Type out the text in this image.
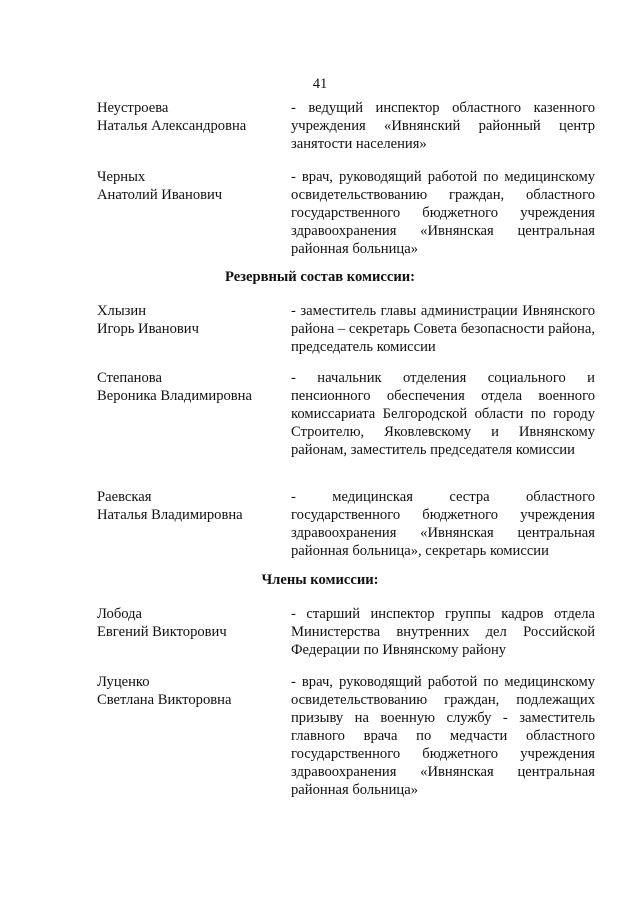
41
Неустроева
Наталья Александровна

- ведущий инспектор областного казенного учреждения «Ивнянский районный центр занятости населения»

Черных
Анатолий Иванович

- врач, руководящий работой по медицинскому освидетельствованию граждан, областного государственного бюджетного учреждения здравоохранения «Ивнянская центральная районная больница»

Резервный состав комиссии:
Хлызин
Игорь Иванович

- заместитель главы администрации Ивнянского района – секретарь Совета безопасности района, председатель комиссии

Степанова
Вероника Владимировна

- начальник отделения социального и пенсионного обеспечения отдела военного комиссариата Белгородской области по городу Строителю, Яковлевскому и Ивнянскому районам, заместитель председателя комиссии

Раевская
Наталья Владимировна

- медицинская сестра областного государственного бюджетного учреждения здравоохранения «Ивнянская центральная районная больница», секретарь комиссии

Члены комиссии:
Лобода
Евгений Викторович

- старший инспектор группы кадров отдела Министерства внутренних дел Российской Федерации по Ивнянскому району

Луценко
Светлана Викторовна

- врач, руководящий работой по медицинскому освидетельствованию граждан, подлежащих призыву на военную службу - заместитель главного врача по медчасти областного государственного бюджетного учреждения здравоохранения «Ивнянская центральная районная больница»
